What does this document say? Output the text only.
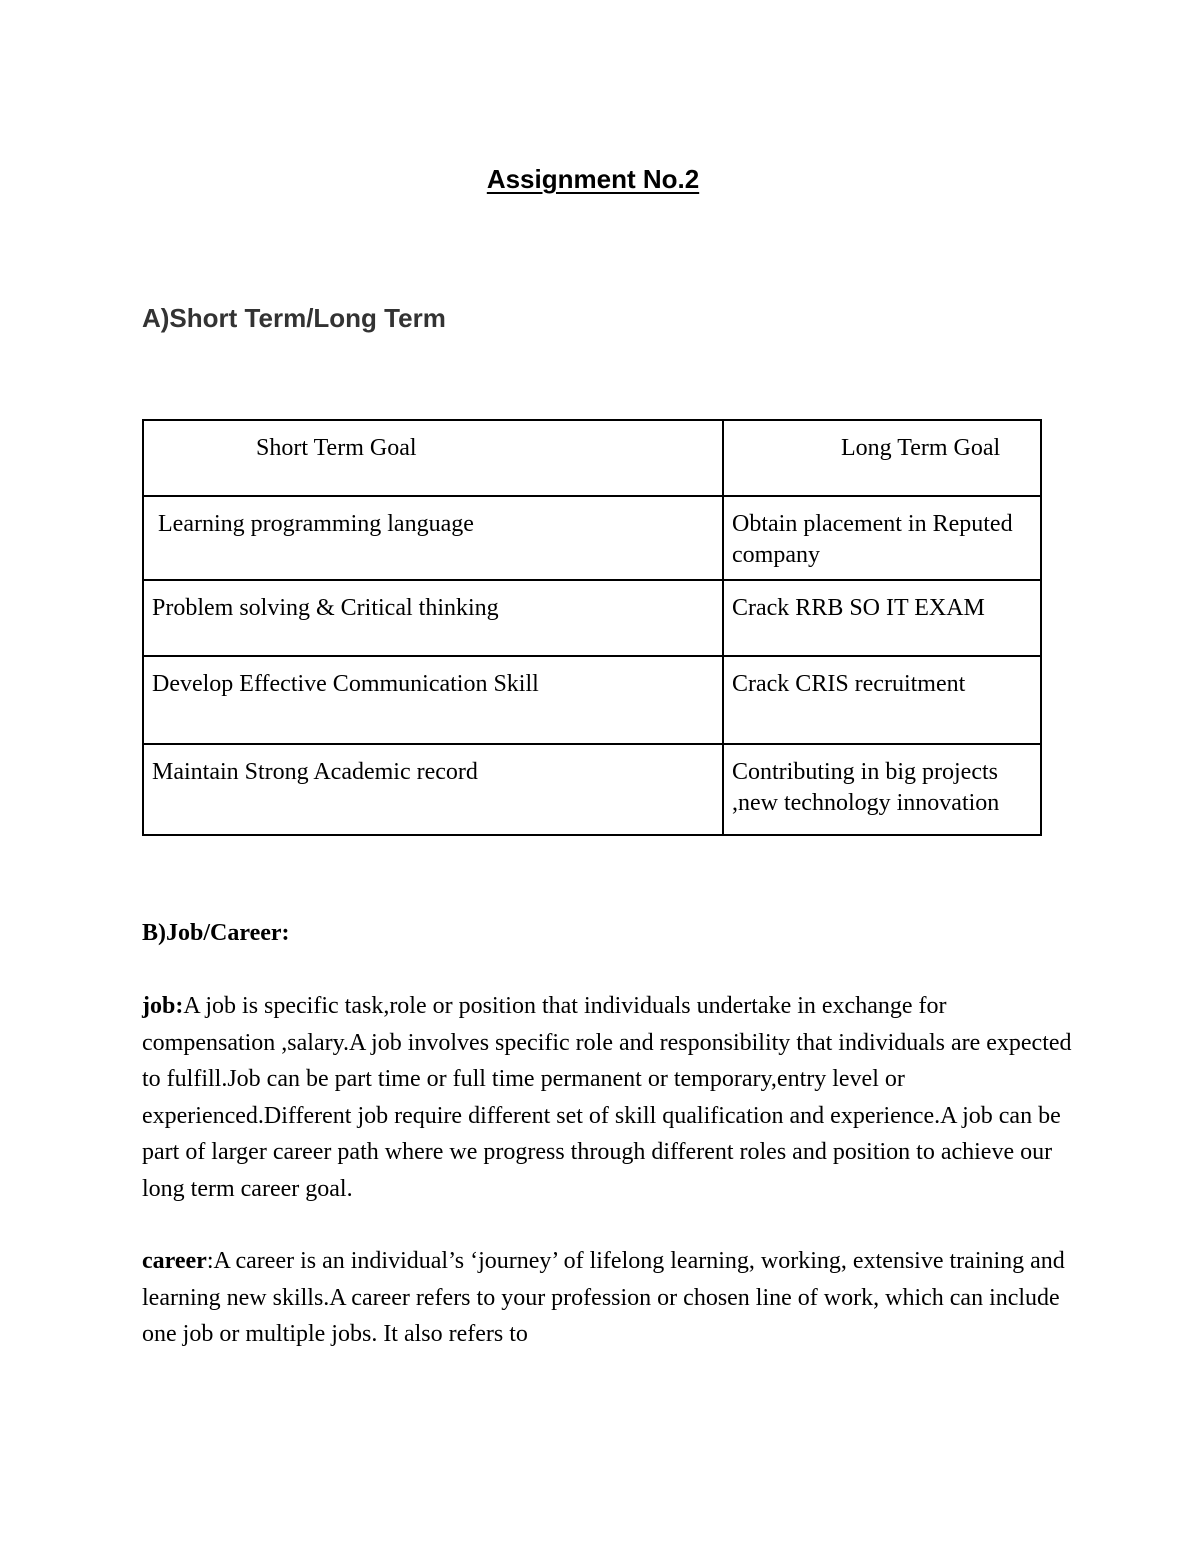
Assignment No.2
A)Short Term/Long Term
Short Term Goal	Long Term Goal
Learning programming language	Obtain placement in Reputed company
Problem solving & Critical thinking	Crack RRB SO IT EXAM
Develop Effective Communication Skill	Crack CRIS recruitment
Maintain Strong Academic record	Contributing in big projects ,new technology innovation
B)Job/Career:

job:A job is specific task,role or position that individuals undertake in exchange for compensation ,salary.A job involves specific role and responsibility that individuals are expected to fulfill.Job can be part time or full time permanent or temporary,entry level or experienced.Different job require different set of skill qualification and experience.A job can be part of larger career path where we progress through different roles and position to achieve our long term career goal.

career:A career is an individual’s ‘journey’ of lifelong learning, working, extensive training and learning new skills.A career refers to your profession or chosen line of work, which can include one job or multiple jobs. It also refers to
